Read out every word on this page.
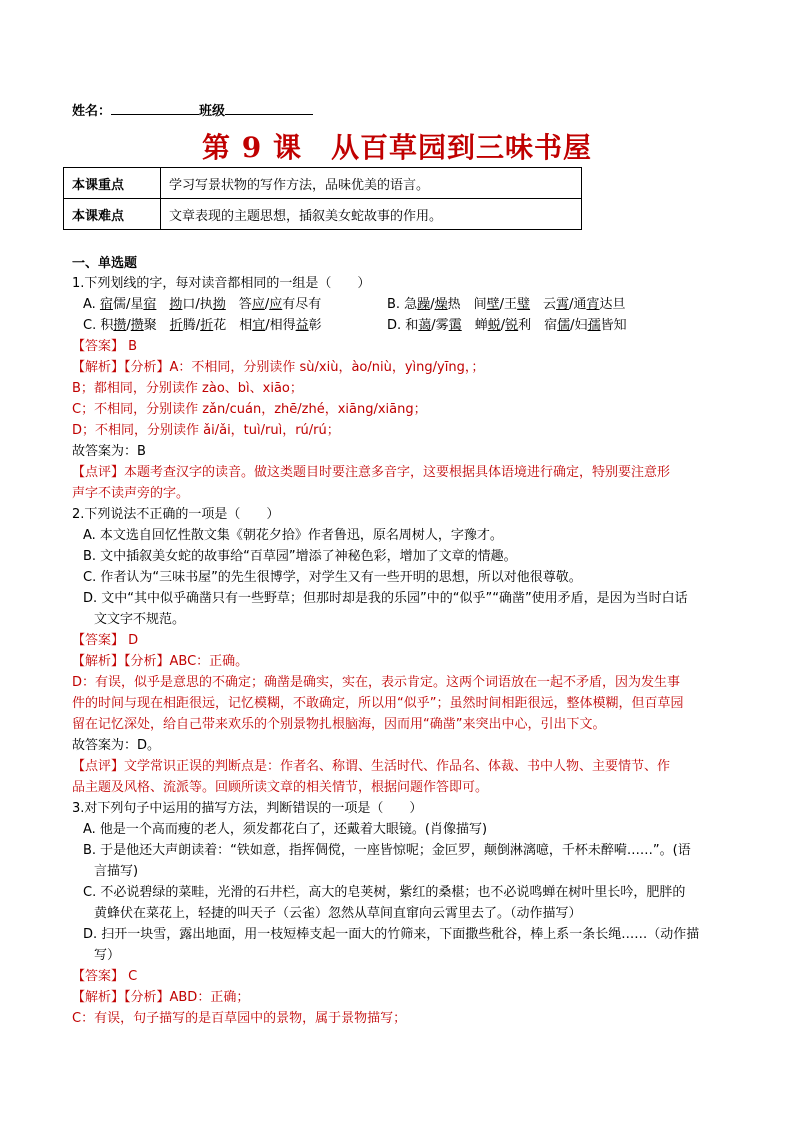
姓名：	班级
第 9 课　从百草园到三味书屋
本课重点	学习写景状物的写作方法，品味优美的语言。
本课难点	文章表现的主题思想，插叙美女蛇故事的作用。
一、单选题
1.下列划线的字，每对读音都相同的一组是（　　）
A. 宿儒/星宿　 拗口/执拗　答应/应有尽有	B. 急躁/燥热　间壁/王璧　云霄/通宵达旦
C. 积攒/攒聚　折腾/折花　相宜/相得益彰	D. 和蔼/雾霭　蝉蜕/锐利　宿儒/妇孺皆知
【答案】 B
【解析】【分析】A：不相同，分别读作 sù/xiù，ào/niù，yìng/yīng，；
B；都相同，分别读作 zào、bì、xiāo；
C；不相同，分别读作 zǎn/cuán，zhē/zhé，xiāng/xiāng；
D；不相同，分别读作 ǎi/ǎi，tuì/ruì，rú/rú；
故答案为：B
【点评】本题考查汉字的读音。做这类题目时要注意多音字，这要根据具体语境进行确定，特别要注意形
声字不读声旁的字。
2.下列说法不正确的一项是（　　）
A. 本文选自回忆性散文集《朝花夕拾》作者鲁迅，原名周树人，字豫才。
B. 文中插叙美女蛇的故事给“百草园”增添了神秘色彩，增加了文章的情趣。
C. 作者认为“三味书屋”的先生很博学，对学生又有一些开明的思想，所以对他很尊敬。
D. 文中“其中似乎确凿只有一些野草；但那时却是我的乐园”中的“似乎”“确凿”使用矛盾，是因为当时白话
文文字不规范。
【答案】 D
【解析】【分析】ABC：正确。
D：有误，似乎是意思的不确定；确凿是确实，实在，表示肯定。这两个词语放在一起不矛盾，因为发生事
件的时间与现在相距很远，记忆模糊，不敢确定，所以用“似乎”；虽然时间相距很远，整体模糊，但百草园
留在记忆深处，给自己带来欢乐的个别景物扎根脑海，因而用“确凿”来突出中心，引出下文。
故答案为：D。
【点评】文学常识正误的判断点是：作者名、称谓、生活时代、作品名、体裁、书中人物、主要情节、作
品主题及风格、流派等。回顾所读文章的相关情节，根据问题作答即可。
3.对下列句子中运用的描写方法，判断错误的一项是（　　）
A. 他是一个高而瘦的老人，须发都花白了，还戴着大眼镜。(肖像描写)
B. 于是他还大声朗读着：“铁如意，指挥倜傥，一座皆惊呢；金叵罗，颠倒淋漓噫，千杯未醉嗬……”。(语
言描写)
C. 不必说碧绿的菜畦，光滑的石井栏，高大的皂荚树，紫红的桑椹；也不必说鸣蝉在树叶里长吟，肥胖的
黄蜂伏在菜花上，轻捷的叫天子（云雀）忽然从草间直窜向云霄里去了。（动作描写）
D. 扫开一块雪，露出地面，用一枝短棒支起一面大的竹筛来，下面撒些秕谷，棒上系一条长绳……（动作描
写）
【答案】 C
【解析】【分析】ABD：正确；
C：有误，句子描写的是百草园中的景物，属于景物描写；
